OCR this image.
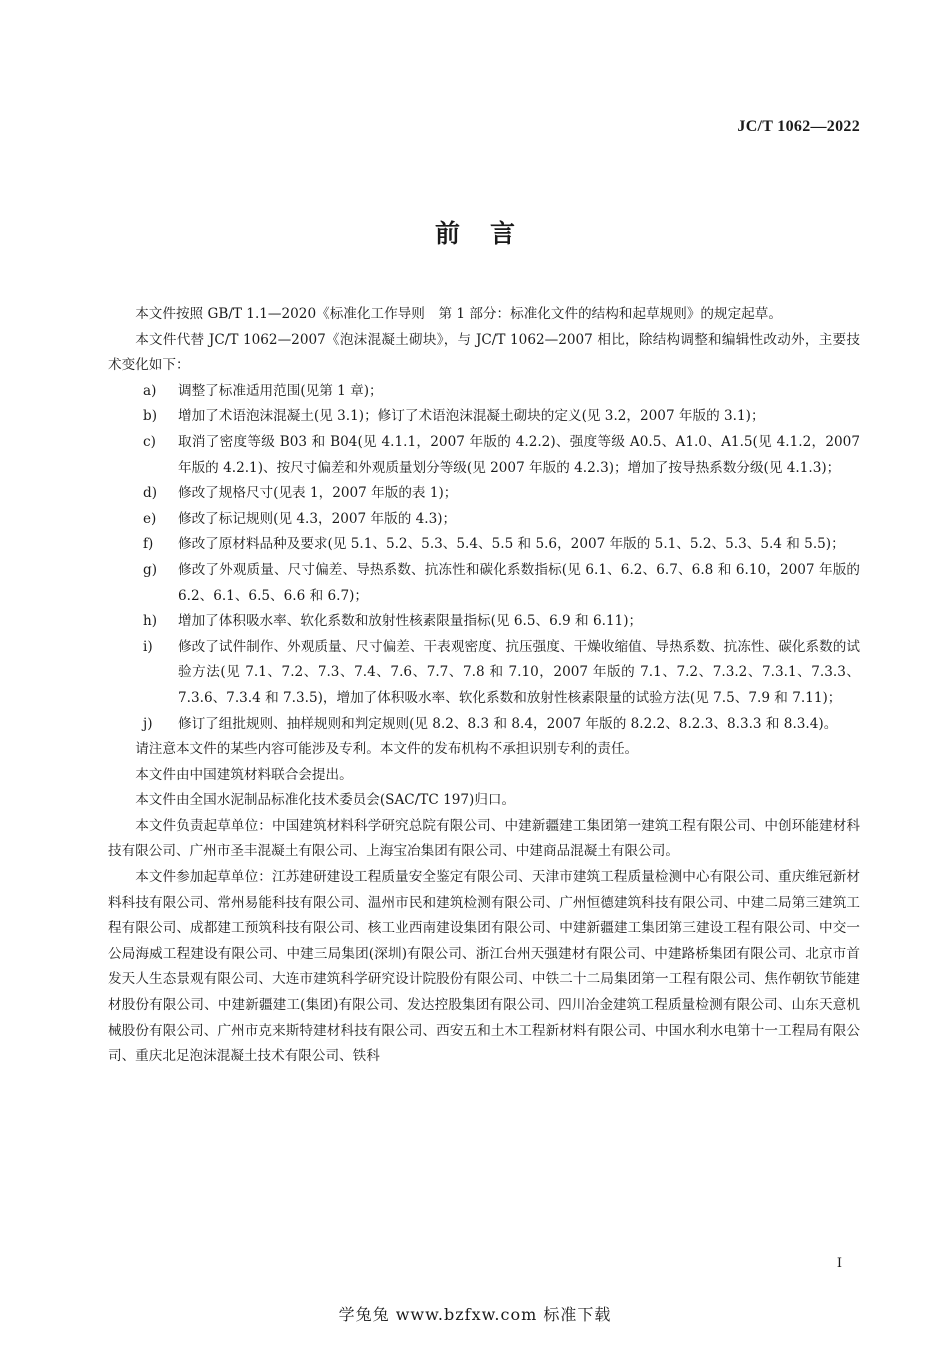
JC/T 1062—2022
前言

本文件按照 GB/T 1.1—2020《标准化工作导则　第 1 部分：标准化文件的结构和起草规则》的规定起草。

本文件代替 JC/T 1062—2007《泡沫混凝土砌块》，与 JC/T 1062—2007 相比，除结构调整和编辑性改动外，主要技术变化如下：

a) 调整了标准适用范围(见第 1 章)；

b) 增加了术语泡沫混凝土(见 3.1)；修订了术语泡沫混凝土砌块的定义(见 3.2，2007 年版的 3.1)；

c) 取消了密度等级 B03 和 B04(见 4.1.1，2007 年版的 4.2.2)、强度等级 A0.5、A1.0、A1.5(见 4.1.2，2007 年版的 4.2.1)、按尺寸偏差和外观质量划分等级(见 2007 年版的 4.2.3)；增加了按导热系数分级(见 4.1.3)；

d) 修改了规格尺寸(见表 1，2007 年版的表 1)；

e) 修改了标记规则(见 4.3，2007 年版的 4.3)；

f) 修改了原材料品种及要求(见 5.1、5.2、5.3、5.4、5.5 和 5.6，2007 年版的 5.1、5.2、5.3、5.4 和 5.5)；

g) 修改了外观质量、尺寸偏差、导热系数、抗冻性和碳化系数指标(见 6.1、6.2、6.7、6.8 和 6.10，2007 年版的 6.2、6.1、6.5、6.6 和 6.7)；

h) 增加了体积吸水率、软化系数和放射性核素限量指标(见 6.5、6.9 和 6.11)；

i) 修改了试件制作、外观质量、尺寸偏差、干表观密度、抗压强度、干燥收缩值、导热系数、抗冻性、碳化系数的试验方法(见 7.1、7.2、7.3、7.4、7.6、7.7、7.8 和 7.10，2007 年版的 7.1、7.2、7.3.2、7.3.1、7.3.3、7.3.6、7.3.4 和 7.3.5)，增加了体积吸水率、软化系数和放射性核素限量的试验方法(见 7.5、7.9 和 7.11)；

j) 修订了组批规则、抽样规则和判定规则(见 8.2、8.3 和 8.4，2007 年版的 8.2.2、8.2.3、8.3.3 和 8.3.4)。

请注意本文件的某些内容可能涉及专利。本文件的发布机构不承担识别专利的责任。

本文件由中国建筑材料联合会提出。

本文件由全国水泥制品标准化技术委员会(SAC/TC 197)归口。

本文件负责起草单位：中国建筑材料科学研究总院有限公司、中建新疆建工集团第一建筑工程有限公司、中创环能建材科技有限公司、广州市圣丰混凝土有限公司、上海宝冶集团有限公司、中建商品混凝土有限公司。

本文件参加起草单位：江苏建研建设工程质量安全鉴定有限公司、天津市建筑工程质量检测中心有限公司、重庆维冠新材料科技有限公司、常州易能科技有限公司、温州市民和建筑检测有限公司、广州恒德建筑科技有限公司、中建二局第三建筑工程有限公司、成都建工预筑科技有限公司、核工业西南建设集团有限公司、中建新疆建工集团第三建设工程有限公司、中交一公局海威工程建设有限公司、中建三局集团(深圳)有限公司、浙江台州天强建材有限公司、中建路桥集团有限公司、北京市首发天人生态景观有限公司、大连市建筑科学研究设计院股份有限公司、中铁二十二局集团第一工程有限公司、焦作朝钦节能建材股份有限公司、中建新疆建工(集团)有限公司、发达控股集团有限公司、四川冶金建筑工程质量检测有限公司、山东天意机械股份有限公司、广州市克来斯特建材科技有限公司、西安五和土木工程新材料有限公司、中国水利水电第十一工程局有限公司、重庆北足泡沫混凝土技术有限公司、铁科

I
学兔兔 www.bzfxw.com 标准下载
